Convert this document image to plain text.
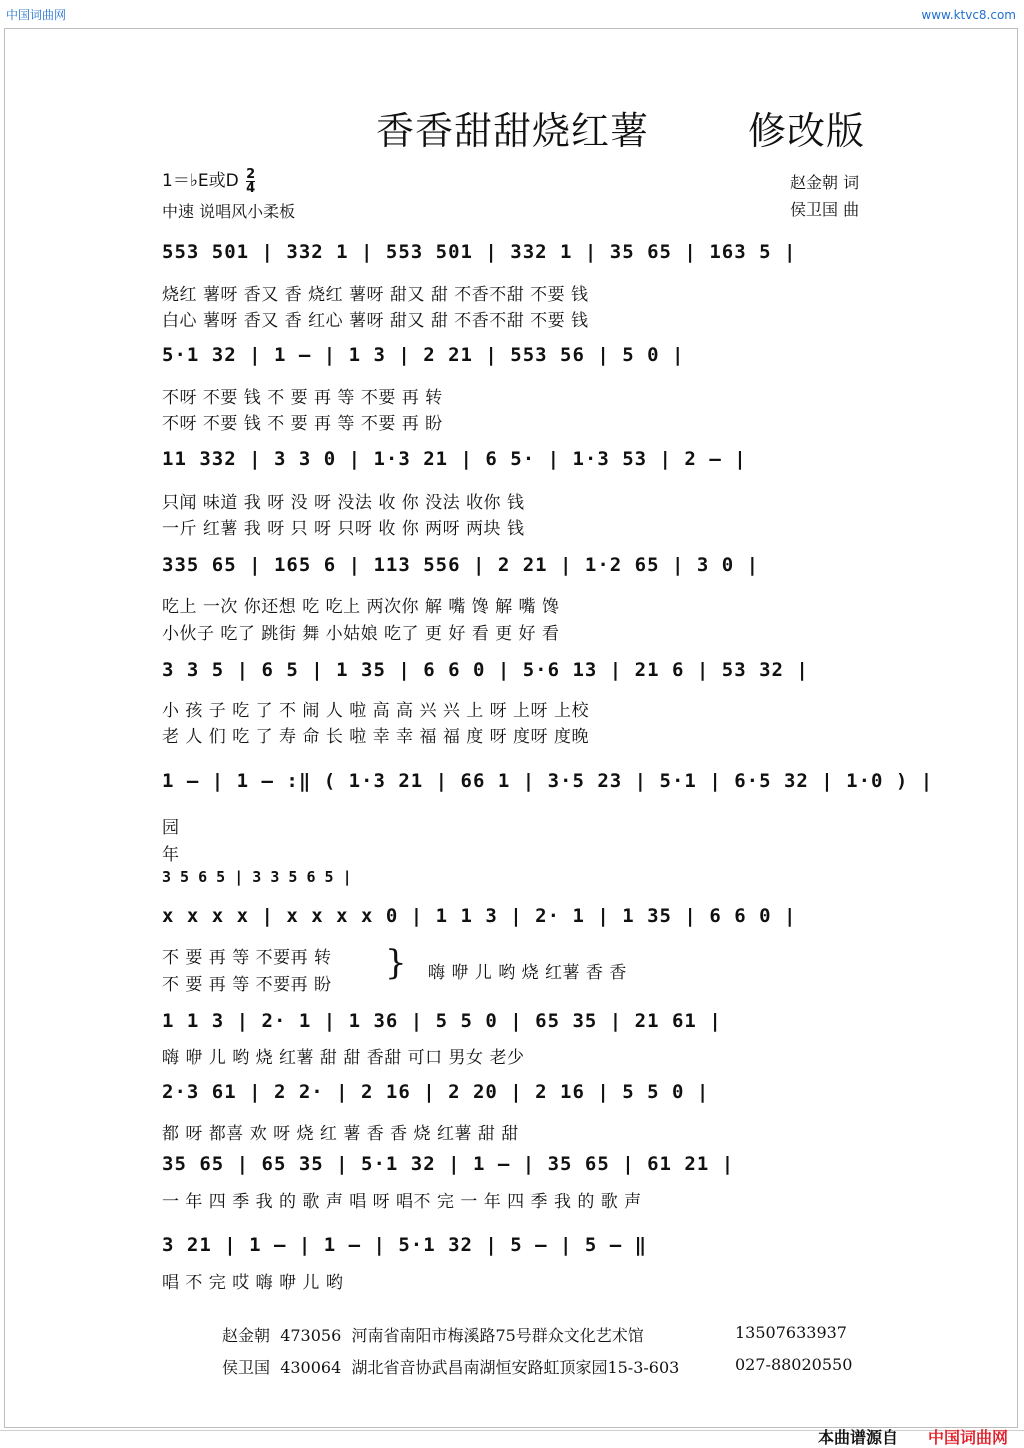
中国词曲网	www.ktvc8.com
香香甜甜烧红薯	修改版
1＝♭E或D $\frac{2}{4}$
中速 说唱风小柔板
赵金朝 词
侯卫国 曲
553 501 | 332 1 | 553 501 | 332 1 | 35 65 | 163 5 |
烧红 薯呀 香又 香 烧红 薯呀 甜又 甜 不香不甜 不要 钱
白心 薯呀 香又 香 红心 薯呀 甜又 甜 不香不甜 不要 钱
5·1 32 | 1 – | 1 3 | 2 21 | 553 56 | 5 0 |
不呀 不要 钱 不 要 再 等 不要 再 转
不呀 不要 钱 不 要 再 等 不要 再 盼
11 332 | 3 3 0 | 1·3 21 | 6 5· | 1·3 53 | 2 – |
只闻 味道 我 呀 没 呀 没法 收 你 没法 收你 钱
一斤 红薯 我 呀 只 呀 只呀 收 你 两呀 两块 钱
335 65 | 165 6 | 113 556 | 2 21 | 1·2 65 | 3 0 |
吃上 一次 你还想 吃 吃上 两次你 解 嘴 馋 解 嘴 馋
小伙子 吃了 跳街 舞 小姑娘 吃了 更 好 看 更 好 看
3 3 5 | 6 5 | 1 35 | 6 6 0 | 5·6 13 | 21 6 | 53 32 |
小 孩 子 吃 了 不 闹 人 啦 高 高 兴 兴 上 呀 上呀 上校
老 人 们 吃 了 寿 命 长 啦 幸 幸 福 福 度 呀 度呀 度晚
1 – | 1 – :‖ ( 1·3 21 | 66 1 | 3·5 23 | 5·1 | 6·5 32 | 1·0 ) |
园
年
3 5 6 5 | 3 3 5 6 5 |
x x x x | x x x x 0 | 1 1 3 | 2· 1 | 1 35 | 6 6 0 |
不 要 再 等 不要再 转
不 要 再 等 不要再 盼
} 嗨 咿 儿 哟 烧 红薯 香 香
1 1 3 | 2· 1 | 1 36 | 5 5 0 | 65 35 | 21 61 |
嗨 咿 儿 哟 烧 红薯 甜 甜 香甜 可口 男女 老少
2·3 61 | 2 2· | 2 16 | 2 20 | 2 16 | 5 5 0 |
都 呀 都喜 欢 呀 烧 红 薯 香 香 烧 红薯 甜 甜
35 65 | 65 35 | 5·1 32 | 1 – | 35 65 | 61 21 |
一 年 四 季 我 的 歌 声 唱 呀 唱不 完 一 年 四 季 我 的 歌 声
3 21 | 1 – | 1 – | 5·1 32 | 5 – | 5 – ‖
唱 不 完 哎 嗨 咿 儿 哟
赵金朝 473056 河南省南阳市梅溪路75号群众文化艺术馆	13507633937
侯卫国 430064 湖北省音协武昌南湖恒安路虹顶家园15-3-603	027-88020550
本曲谱源自 中国词曲网
